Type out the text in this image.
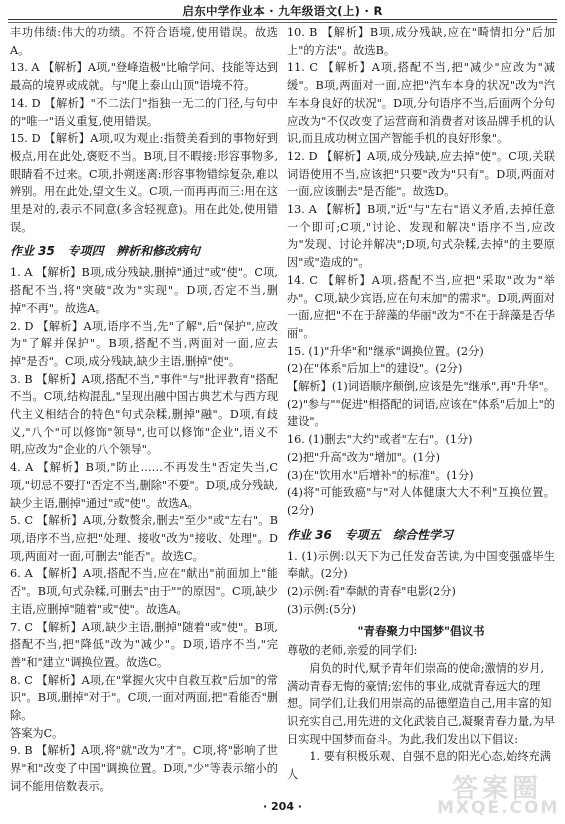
启东中学作业本 · 九年级语文(上) · R

丰功伟绩:伟大的功绩。不符合语境,使用错误。故选A。

13. A 【解析】A项,"登峰造极"比喻学问、技能等达到最高的境界或成就。与"爬上泰山山顶"语境不符。

14. D 【解析】"不二法门"指独一无二的门径,与句中的"唯一"语义重复,使用错误。

15. D 【解析】A项,叹为观止:指赞美看到的事物好到极点,用在此处,褒贬不当。B项,目不暇接:形容事物多,眼睛看不过来。C项,扑朔迷离:形容事物错综复杂,难以辨别。用在此处,望文生义。C项,一而再再而三:用在这里是对的,表示不同意(多含轻视意)。用在此处,使用错误。

作业 35 专项四 辨析和修改病句

1. A 【解析】B项,成分残缺,删掉"通过"或"使"。C项,搭配不当,将"突破"改为"实现"。D项,否定不当,删掉"不再"。故选A。

2. D 【解析】A项,语序不当,先"了解",后"保护",应改为"了解并保护"。B项,搭配不当,两面对一面,应去掉"是否"。C项,成分残缺,缺少主语,删掉"使"。

3. B 【解析】A项,搭配不当,"事件"与"批评教育"搭配不当。C项,结构混乱,"呈现出融中国古典艺术与西方现代主义相结合的特色"句式杂糅,删掉"融"。D项,有歧义,"八个"可以修饰"领导",也可以修饰"企业",语义不明,应改为"企业的八个领导"。

4. A 【解析】B项,"防止……不再发生"否定失当,C项,"切忌不要打"否定不当,删除"不要"。D项,成分残缺,缺少主语,删掉"通过"或"使"。故选A。

5. C 【解析】A项,分数赘余,删去"至少"或"左右"。B项,语序不当,应把"处理、接收"改为"接收、处理"。D项,两面对一面,可删去"能否"。故选C。

6. A 【解析】A项,搭配不当,应在"献出"前面加上"能否"。B项,句式杂糅,可删去"由于""的原因"。C项,缺少主语,应删掉"随着"或"使"。故选A。

7. C 【解析】A项,缺少主语,删掉"随着"或"使"。B项,搭配不当,把"降低"改为"减少"。D项,语序不当,"完善"和"建立"调换位置。故选C。

8. C 【解析】A项,在"掌握火灾中自救互救"后加"的常识"。B项,删掉"对于"。C项,一面对两面,把"看能否"删除。
答案为C。

9. B 【解析】A项,将"就"改为"才"。C项,将"影响了世界"和"改变了中国"调换位置。D项,"少"等表示缩小的词不能用倍数表示。

10. B 【解析】B项,成分残缺,应在"畸情扣分"后加上"的方法"。故选B。

11. C 【解析】A项,搭配不当,把"减少"应改为"减缓"。B项,两面对一面,应把"汽车本身的状况"改为"汽车本身良好的状况"。D项,分句语序不当,后面两个分句应改为"不仅改变了运营商和消费者对该品牌手机的认识,而且成功树立国产智能手机的良好形象"。

12. D 【解析】A项,成分残缺,应去掉"使"。C项,关联词语使用不当,应该把"只要"改为"只有"。D项,两面对一面,应该删去"是否能"。故选D。

13. A 【解析】B项,"近"与"左右"语义矛盾,去掉任意一个即可;C项,"讨论、发现和解决"语序不当,应改为"发现、讨论并解决";D项,句式杂糅,去掉"的主要原因"或"造成的"。

14. C 【解析】A项,搭配不当,应把"采取"改为"举办"。C项,缺少宾语,应在句末加"的需求"。D项,两面对一面,应把"不在于辞藻的华丽"改为"不在于辞藻是否华丽"。

15. (1)"升华"和"继承"调换位置。(2分)
(2)在"体系"后加上"的建设"。(2分)
【解析】(1)词语顺序颠倒,应该是先"继承",再"升华"。(2)"参与""促进"相搭配的词语,应该在"体系"后加上"的建设"。

16. (1)删去"大约"或者"左右"。(1分)
(2)把"升高"改为"增加"。(1分)
(3)在"饮用水"后增补"的标准"。(1分)
(4)将"可能致癌"与"对人体健康大大不利"互换位置。(2分)

作业 36 专项五 综合性学习

1. (1)示例:以天下为己任发奋苦读,为中国变强盛毕生奉献。(2分)
(2)示例:看"奉献的青春"电影(2分)
(3)示例:(5分)

"青春聚力中国梦"倡议书

尊敬的老师,亲爱的同学们:

肩负的时代,赋予青年们崇高的使命;激情的岁月,满动青春无悔的豪情;宏伟的事业,成就青春远大的理想。同学们,让我们用崇高的品德塑造自己,用丰富的知识充实自己,用先进的文化武装自己,凝聚青春力量,为早日实现中国梦而奋斗。为此,我们发出以下倡议:

1. 要有积极乐观、自强不息的阳光心态,始终充满人

· 204 ·
答案圈
MXQE.COM
